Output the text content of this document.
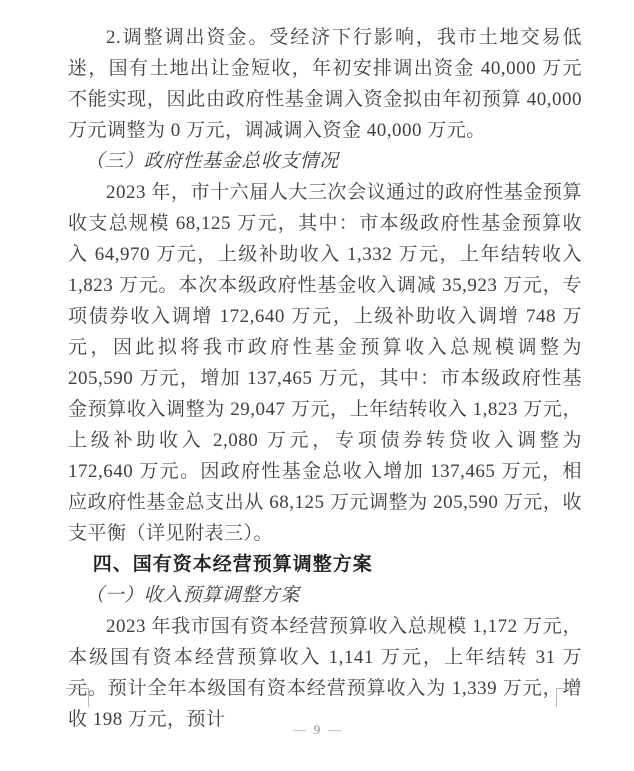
2.调整调出资金。受经济下行影响，我市土地交易低迷，国有土地出让金短收，年初安排调出资金 40,000 万元不能实现，因此由政府性基金调入资金拟由年初预算 40,000 万元调整为 0 万元，调减调入资金 40,000 万元。

（三）政府性基金总收支情况

2023 年，市十六届人大三次会议通过的政府性基金预算收支总规模 68,125 万元，其中：市本级政府性基金预算收入 64,970 万元，上级补助收入 1,332 万元，上年结转收入 1,823 万元。本次本级政府性基金收入调减 35,923 万元，专项债券收入调增 172,640 万元，上级补助收入调增 748 万元，因此拟将我市政府性基金预算收入总规模调整为 205,590 万元，增加 137,465 万元，其中：市本级政府性基金预算收入调整为 29,047 万元，上年结转收入 1,823 万元，上级补助收入 2,080 万元，专项债券转贷收入调整为 172,640 万元。因政府性基金总收入增加 137,465 万元，相应政府性基金总支出从 68,125 万元调整为 205,590 万元，收支平衡（详见附表三）。

四、国有资本经营预算调整方案

（一）收入预算调整方案

2023 年我市国有资本经营预算收入总规模 1,172 万元，本级国有资本经营预算收入 1,141 万元，上年结转 31 万元。预计全年本级国有资本经营预算收入为 1,339 万元，增收 198 万元，预计	— 9 —
